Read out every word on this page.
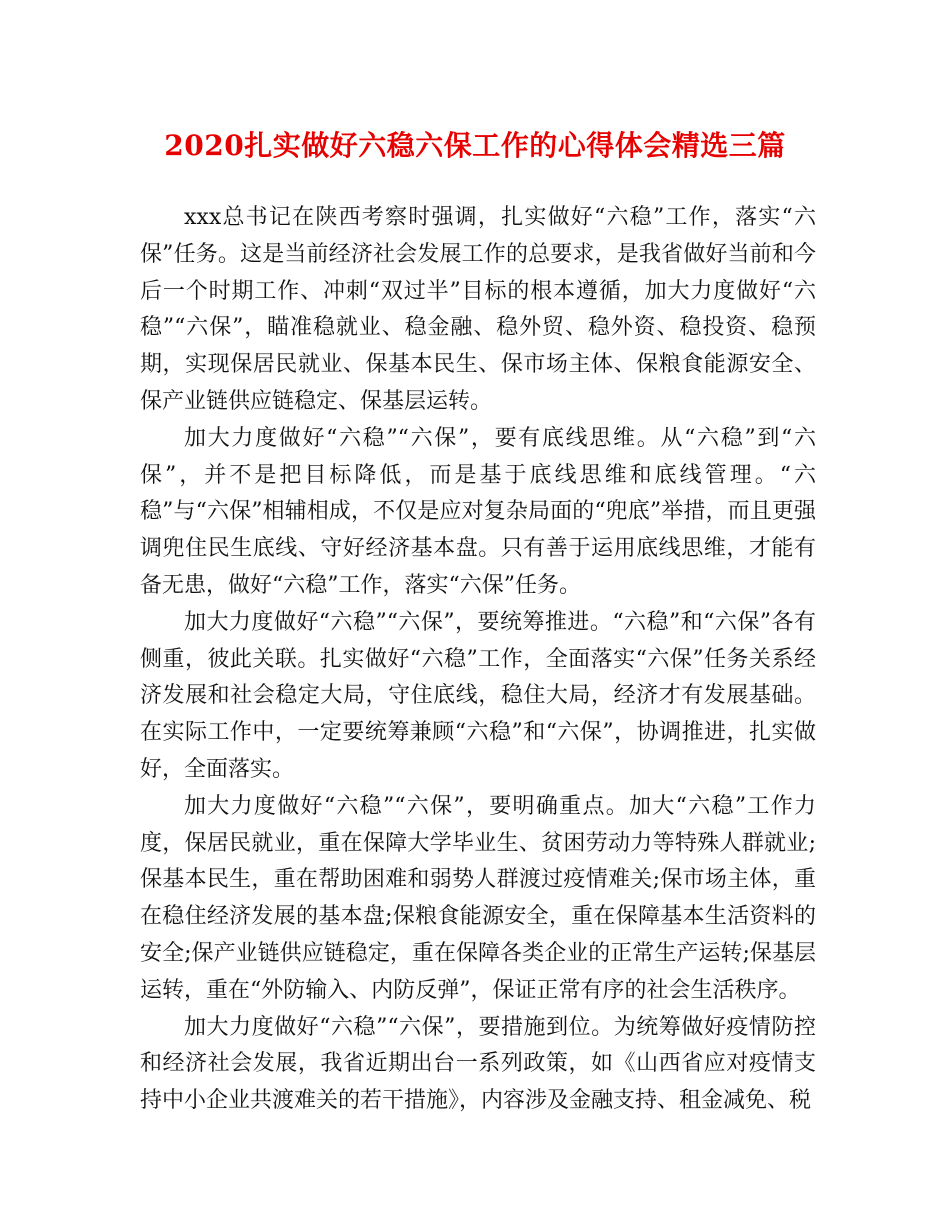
2020扎实做好六稳六保工作的心得体会精选三篇

xxx总书记在陕西考察时强调，扎实做好“六稳”工作，落实“六保”任务。这是当前经济社会发展工作的总要求，是我省做好当前和今后一个时期工作、冲刺“双过半”目标的根本遵循，加大力度做好“六稳”“六保”，瞄准稳就业、稳金融、稳外贸、稳外资、稳投资、稳预期，实现保居民就业、保基本民生、保市场主体、保粮食能源安全、保产业链供应链稳定、保基层运转。

加大力度做好“六稳”“六保”，要有底线思维。从“六稳”到“六保”，并不是把目标降低，而是基于底线思维和底线管理。“六稳”与“六保”相辅相成，不仅是应对复杂局面的“兜底”举措，而且更强调兜住民生底线、守好经济基本盘。只有善于运用底线思维，才能有备无患，做好“六稳”工作，落实“六保”任务。

加大力度做好“六稳”“六保”，要统筹推进。“六稳”和“六保”各有侧重，彼此关联。扎实做好“六稳”工作，全面落实“六保”任务关系经济发展和社会稳定大局，守住底线，稳住大局，经济才有发展基础。在实际工作中，一定要统筹兼顾“六稳”和“六保”，协调推进，扎实做好，全面落实。

加大力度做好“六稳”“六保”，要明确重点。加大“六稳”工作力度，保居民就业，重在保障大学毕业生、贫困劳动力等特殊人群就业;保基本民生，重在帮助困难和弱势人群渡过疫情难关;保市场主体，重在稳住经济发展的基本盘;保粮食能源安全，重在保障基本生活资料的安全;保产业链供应链稳定，重在保障各类企业的正常生产运转;保基层运转，重在“外防输入、内防反弹”，保证正常有序的社会生活秩序。

加大力度做好“六稳”“六保”，要措施到位。为统筹做好疫情防控和经济社会发展，我省近期出台一系列政策，如《山西省应对疫情支持中小企业共渡难关的若干措施》，内容涉及金融支持、租金减免、税
